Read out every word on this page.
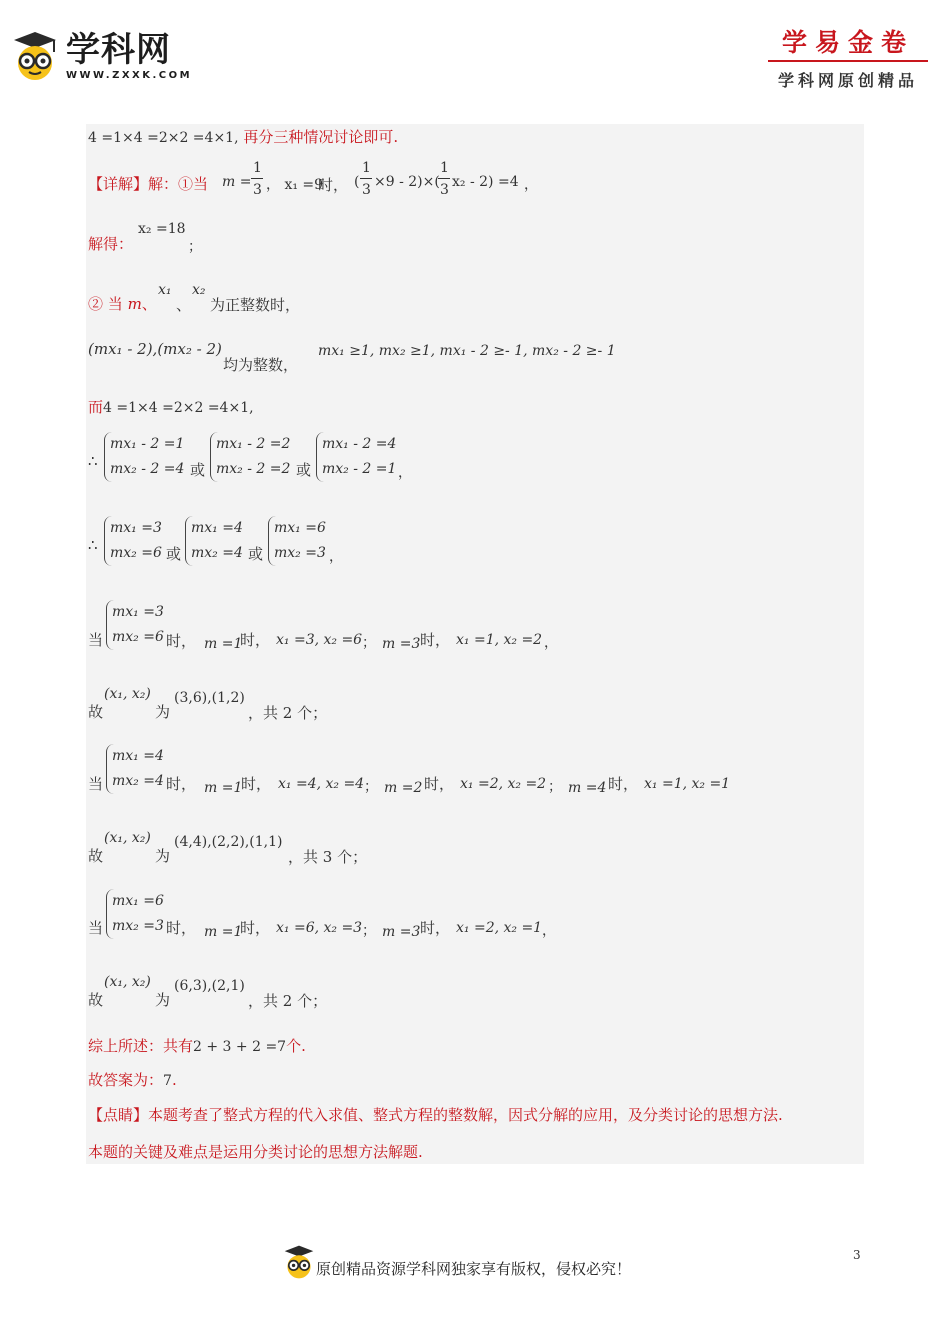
学科网
WWW.ZXXK.COM
学易金卷
学科网原创精品
4 =1×4 =2×2 =4×1, 再分三种情况讨论即可.
【详解】解：①当 m =
1
3 ， x₁ =9
时， (
1
3 ×9 - 2)×(
1
3 x₂ - 2) =4 ，
解得：
x₂ =18
；
② 当 m、
x₁
、
x₂
为正整数时，
(mx₁ - 2),(mx₂ - 2)
均为整数，
mx₁ ≥1, mx₂ ≥1, mx₁ - 2 ≥- 1, mx₂ - 2 ≥- 1
而4 =1×4 =2×2 =4×1,
∴
mx₁ - 2 =1
mx₂ - 2 =4 或
mx₁ - 2 =2
mx₂ - 2 =2 或
mx₁ - 2 =4
mx₂ - 2 =1 ，
∴
mx₁ =3
mx₂ =6 或
mx₁ =4
mx₂ =4 或
mx₁ =6
mx₂ =3 ，
当
mx₁ =3
mx₂ =6 时， m =1
时， x₁ =3, x₂ =6 ； m =3 时， x₁ =1, x₂ =2 ，
故
(x₁, x₂)
为
(3,6),(1,2)
，共 2 个；
当
mx₁ =4
mx₂ =4 时， m =1
时， x₁ =4, x₂ =4 ； m =2 时， x₁ =2, x₂ =2 ； m =4 时， x₁ =1, x₂ =1
故
(x₁, x₂)
为
(4,4),(2,2),(1,1)
，共 3 个；
当
mx₁ =6
mx₂ =3 时， m =1
时， x₁ =6, x₂ =3 ； m =3 时， x₁ =2, x₂ =1 ，
故
(x₁, x₂)
为
(6,3),(2,1)
，共 2 个；
综上所述：共有2 + 3 + 2 =7个.
故答案为：7.
【点睛】本题考查了整式方程的代入求值、整式方程的整数解，因式分解的应用，及分类讨论的思想方法.
本题的关键及难点是运用分类讨论的思想方法解题.
原创精品资源学科网独家享有版权，侵权必究！
3
